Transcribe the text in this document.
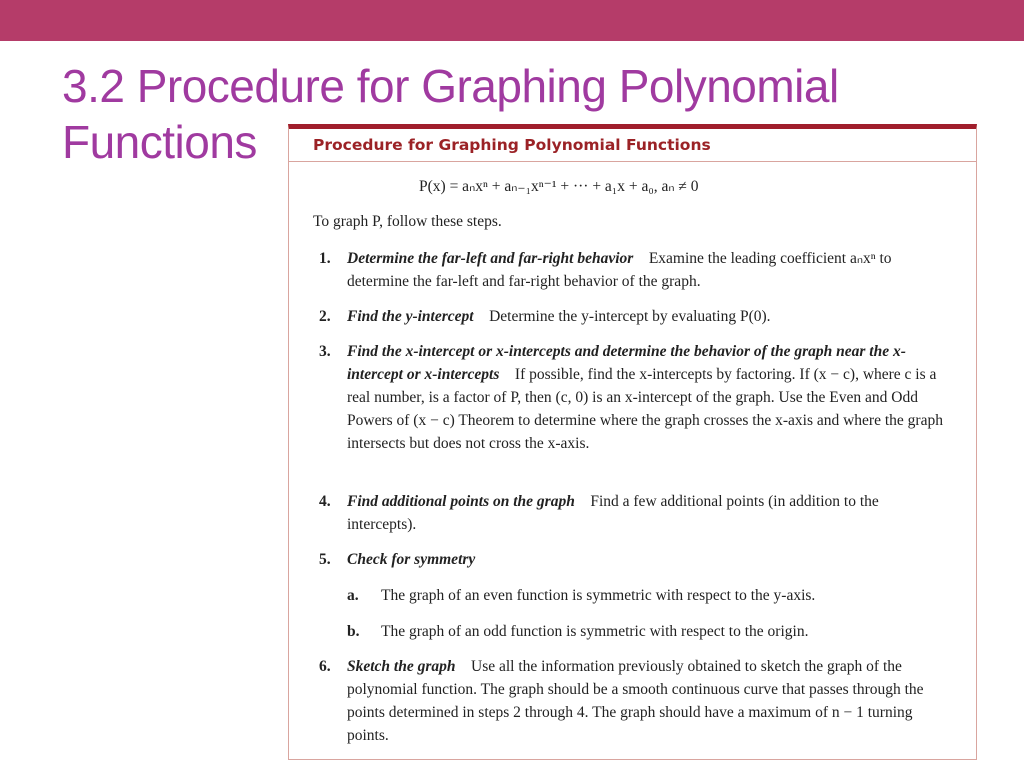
3.2 Procedure for Graphing Polynomial Functions	Procedure for Graphing Polynomial Functions
P(x) = aₙxⁿ + aₙ₋₁xⁿ⁻¹ + ··· + a₁x + a₀, aₙ ≠ 0
To graph P, follow these steps.
1. Determine the far-left and far-right behavior Examine the leading coefficient aₙxⁿ to determine the far-left and far-right behavior of the graph.
2. Find the y-intercept Determine the y-intercept by evaluating P(0).
3. Find the x-intercept or x-intercepts and determine the behavior of the graph near the x-intercept or x-intercepts If possible, find the x-intercepts by factoring. If (x − c), where c is a real number, is a factor of P, then (c, 0) is an x-intercept of the graph. Use the Even and Odd Powers of (x − c) Theorem to determine where the graph crosses the x-axis and where the graph intersects but does not cross the x-axis.
4. Find additional points on the graph Find a few additional points (in addition to the intercepts).
5. Check for symmetry
a. The graph of an even function is symmetric with respect to the y-axis.
b. The graph of an odd function is symmetric with respect to the origin.
6. Sketch the graph Use all the information previously obtained to sketch the graph of the polynomial function. The graph should be a smooth continuous curve that passes through the points determined in steps 2 through 4. The graph should have a maximum of n − 1 turning points.
